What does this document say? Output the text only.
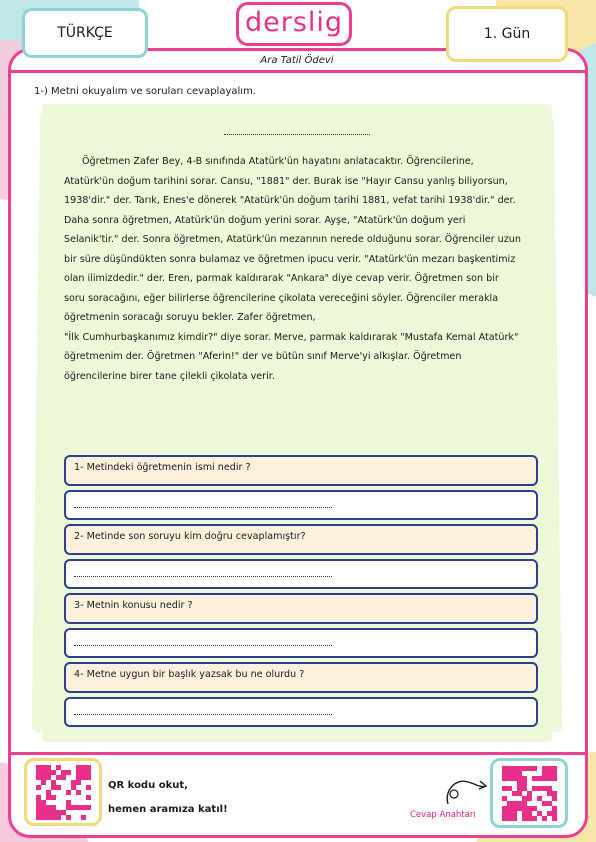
TÜRKÇE	derslig	1. Gün
Ara Tatil Ödevi
1-) Metni okuyalım ve soruları cevaplayalım.

Öğretmen Zafer Bey, 4-B sınıfında Atatürk'ün hayatını anlatacaktır. Öğrencilerine,

Atatürk'ün doğum tarihini sorar. Cansu, "1881" der. Burak ise "Hayır Cansu yanlış biliyorsun,

1938'dir." der. Tarık, Enes'e dönerek "Atatürk'ün doğum tarihi 1881, vefat tarihi 1938'dir." der.

Daha sonra öğretmen, Atatürk'ün doğum yerini sorar. Ayşe, "Atatürk'ün doğum yeri

Selanik'tir." der. Sonra öğretmen, Atatürk'ün mezarının nerede olduğunu sorar. Öğrenciler uzun

bir süre düşündükten sonra bulamaz ve öğretmen ipucu verir. "Atatürk'ün mezarı başkentimiz

olan ilimizdedir." der. Eren, parmak kaldırarak "Ankara" diye cevap verir. Öğretmen son bir

soru soracağını, eğer bilirlerse öğrencilerine çikolata vereceğini söyler. Öğrenciler merakla

öğretmenin soracağı soruyu bekler. Zafer öğretmen,

"İlk Cumhurbaşkanımız kimdir?" diye sorar. Merve, parmak kaldırarak "Mustafa Kemal Atatürk"

öğretmenim der. Öğretmen "Aferin!" der ve bütün sınıf Merve'yi alkışlar. Öğretmen

öğrencilerine birer tane çilekli çikolata verir.

1- Metindeki öğretmenin ismi nedir ?
2- Metinde son soruyu kim doğru cevaplamıştır?
3- Metnin konusu nedir ?
4- Metne uygun bir başlık yazsak bu ne olurdu ?
QR kodu okut,
hemen aramıza katıl!	Cevap Anahtarı
